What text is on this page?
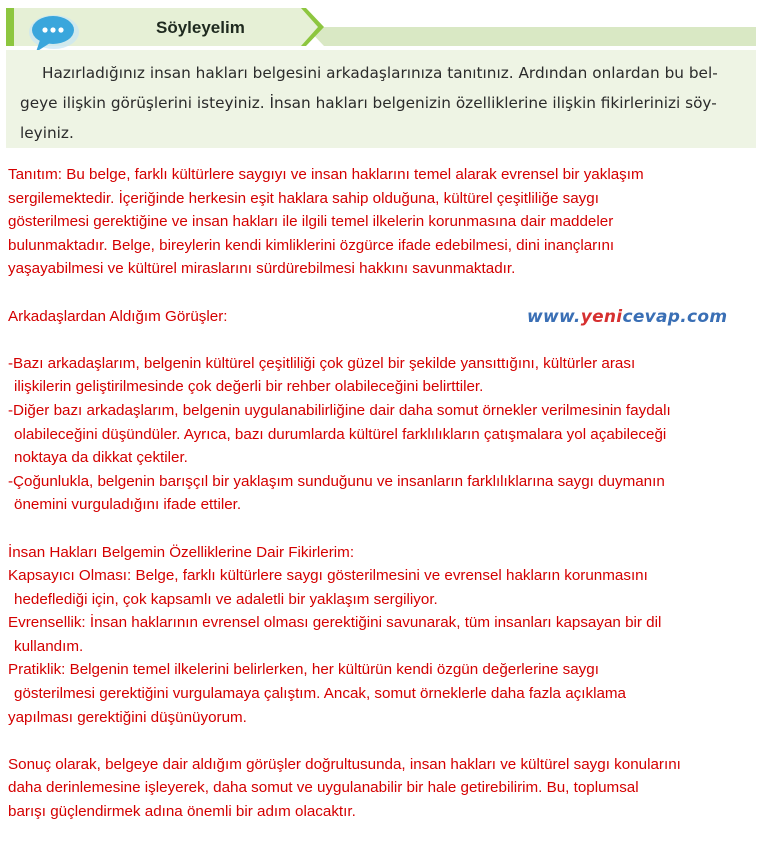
Söyleyelim
Hazırladığınız insan hakları belgesini arkadaşlarınıza tanıtınız. Ardından onlardan bu bel-
geye ilişkin görüşlerini isteyiniz. İnsan hakları belgenizin özelliklerine ilişkin fikirlerinizi söy-
leyiniz.
Tanıtım: Bu belge, farklı kültürlere saygıyı ve insan haklarını temel alarak evrensel bir yaklaşım
sergilemektedir. İçeriğinde herkesin eşit haklara sahip olduğuna, kültürel çeşitliliğe saygı
gösterilmesi gerektiğine ve insan hakları ile ilgili temel ilkelerin korunmasına dair maddeler
bulunmaktadır. Belge, bireylerin kendi kimliklerini özgürce ifade edebilmesi, dini inançlarını
yaşayabilmesi ve kültürel miraslarını sürdürebilmesi hakkını savunmaktadır.
Arkadaşlardan Aldığım Görüşler:
-Bazı arkadaşlarım, belgenin kültürel çeşitliliği çok güzel bir şekilde yansıttığını, kültürler arası
ilişkilerin geliştirilmesinde çok değerli bir rehber olabileceğini belirttiler.
-Diğer bazı arkadaşlarım, belgenin uygulanabilirliğine dair daha somut örnekler verilmesinin faydalı
olabileceğini düşündüler. Ayrıca, bazı durumlarda kültürel farklılıkların çatışmalara yol açabileceği
noktaya da dikkat çektiler.
-Çoğunlukla, belgenin barışçıl bir yaklaşım sunduğunu ve insanların farklılıklarına saygı duymanın
önemini vurguladığını ifade ettiler.
İnsan Hakları Belgemin Özelliklerine Dair Fikirlerim:
Kapsayıcı Olması: Belge, farklı kültürlere saygı gösterilmesini ve evrensel hakların korunmasını
hedeflediği için, çok kapsamlı ve adaletli bir yaklaşım sergiliyor.
Evrensellik: İnsan haklarının evrensel olması gerektiğini savunarak, tüm insanları kapsayan bir dil
kullandım.
Pratiklik: Belgenin temel ilkelerini belirlerken, her kültürün kendi özgün değerlerine saygı
gösterilmesi gerektiğini vurgulamaya çalıştım. Ancak, somut örneklerle daha fazla açıklama
yapılması gerektiğini düşünüyorum.
Sonuç olarak, belgeye dair aldığım görüşler doğrultusunda, insan hakları ve kültürel saygı konularını
daha derinlemesine işleyerek, daha somut ve uygulanabilir bir hale getirebilirim. Bu, toplumsal
barışı güçlendirmek adına önemli bir adım olacaktır.
www.yenicevap.com
